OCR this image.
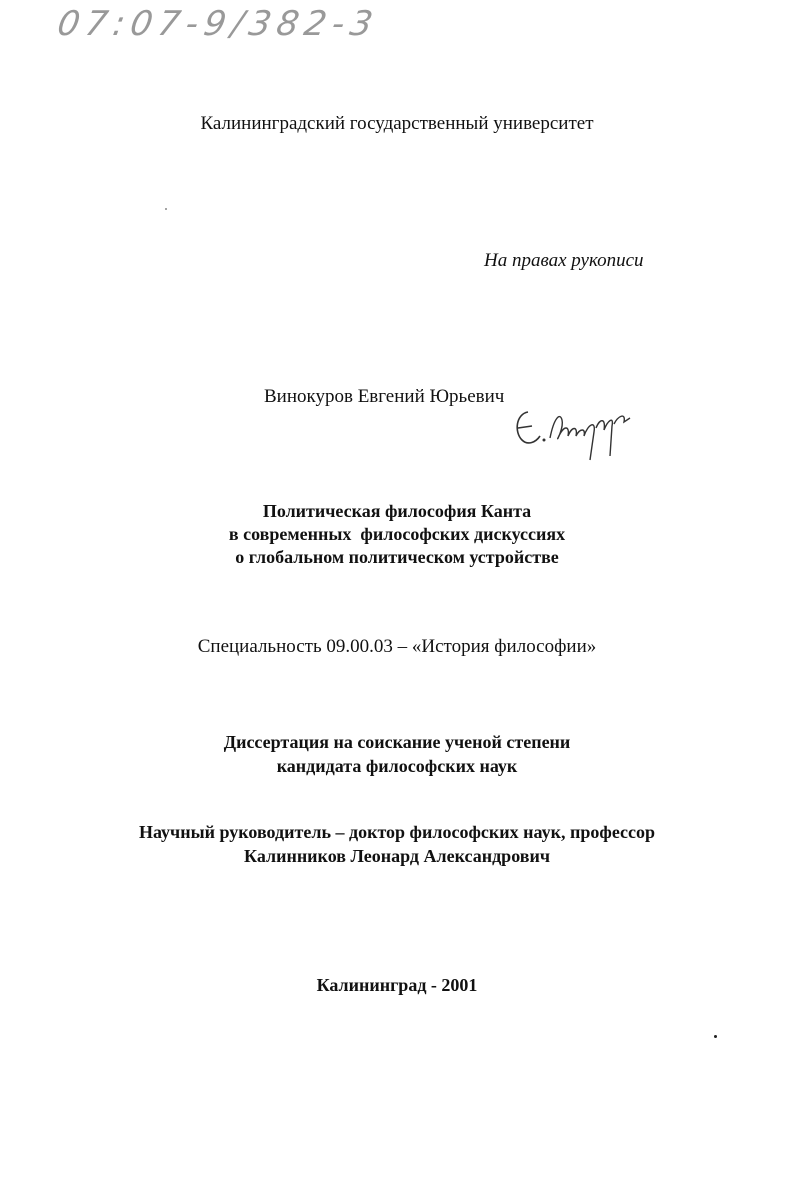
07:07-9/382-3
Калининградский государственный университет
На правах рукописи
Винокуров Евгений Юрьевич
Политическая философия Канта
в современных  философских дискуссиях
о глобальном политическом устройстве
Специальность 09.00.03 – «История философии»
Диссертация на соискание ученой степени
кандидата философских наук
Научный руководитель – доктор философских наук, профессор
Калинников Леонард Александрович
Калининград - 2001
